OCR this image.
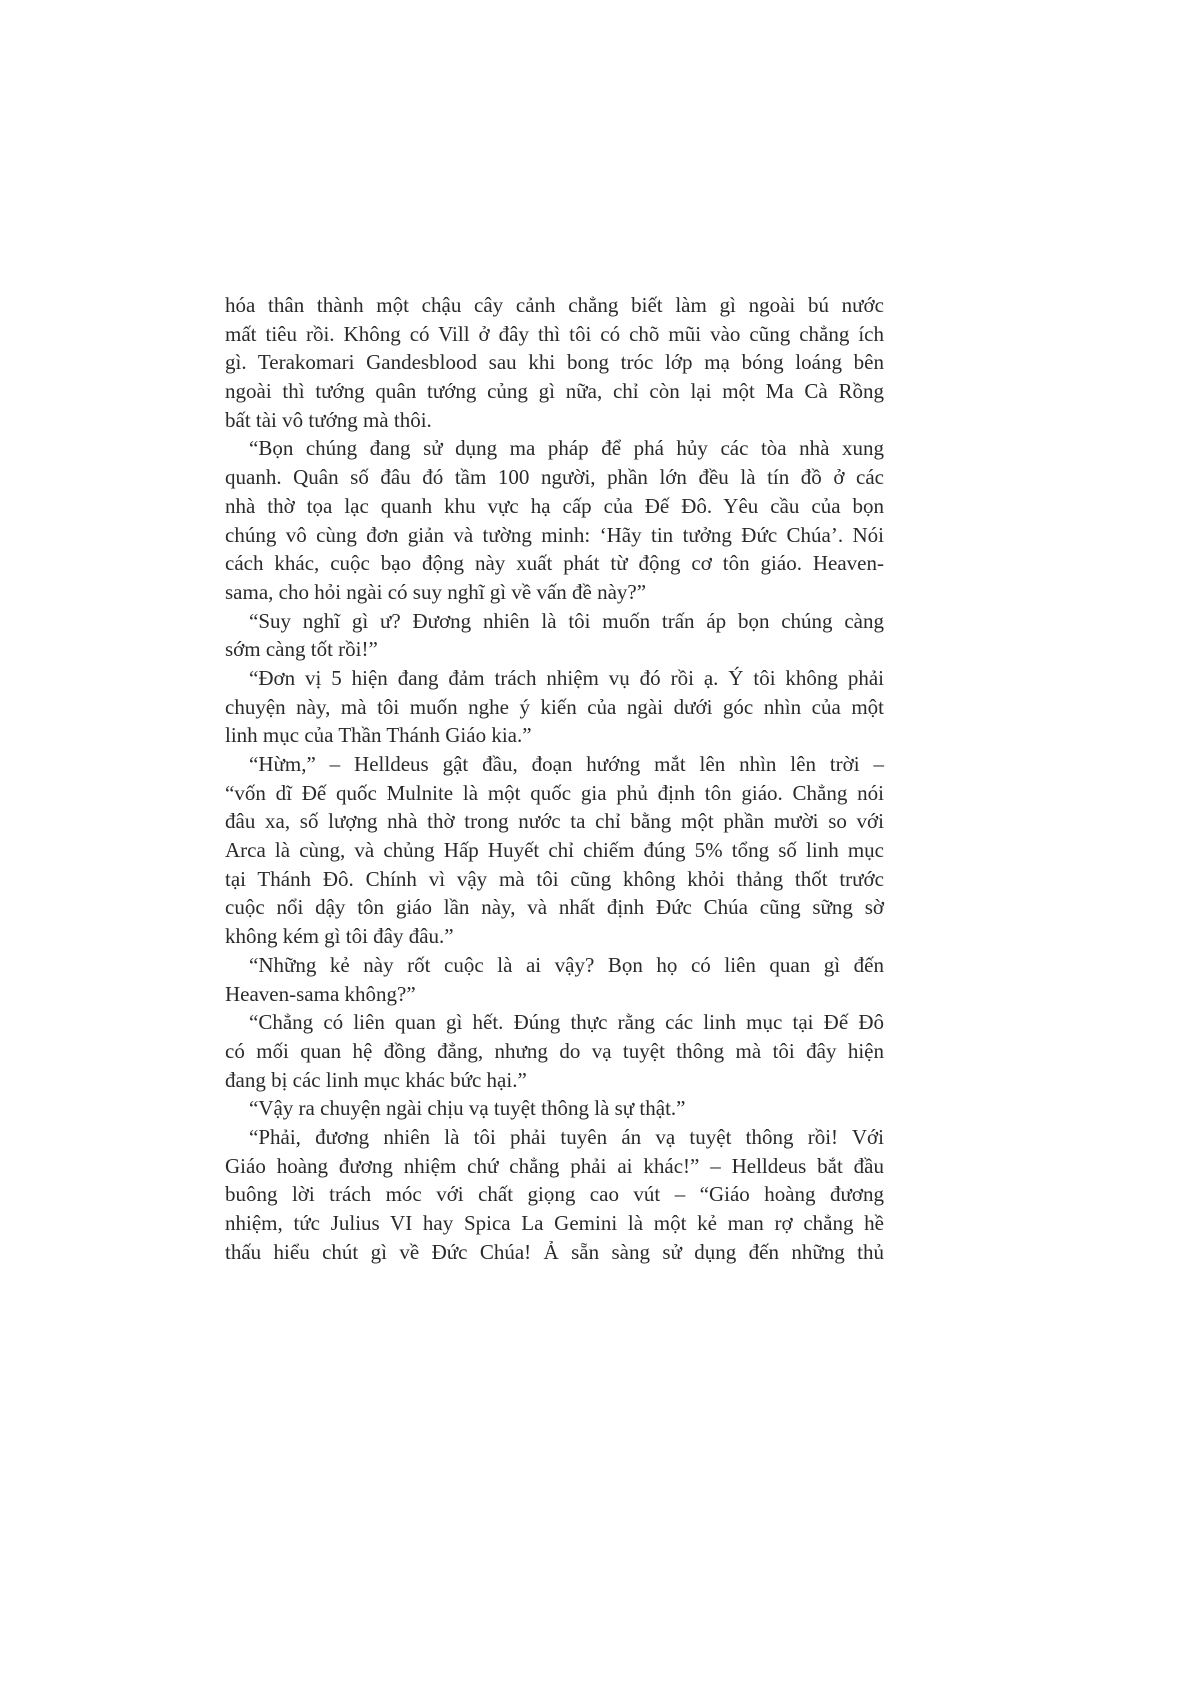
hóa thân thành một chậu cây cảnh chẳng biết làm gì ngoài bú nước
mất tiêu rồi. Không có Vill ở đây thì tôi có chõ mũi vào cũng chẳng ích
gì. Terakomari Gandesblood sau khi bong tróc lớp mạ bóng loáng bên
ngoài thì tướng quân tướng củng gì nữa, chỉ còn lại một Ma Cà Rồng
bất tài vô tướng mà thôi.
“Bọn chúng đang sử dụng ma pháp để phá hủy các tòa nhà xung
quanh. Quân số đâu đó tầm 100 người, phần lớn đều là tín đồ ở các
nhà thờ tọa lạc quanh khu vực hạ cấp của Đế Đô. Yêu cầu của bọn
chúng vô cùng đơn giản và tường minh: ‘Hãy tin tưởng Đức Chúa’. Nói
cách khác, cuộc bạo động này xuất phát từ động cơ tôn giáo. Heaven-
sama, cho hỏi ngài có suy nghĩ gì về vấn đề này?”
“Suy nghĩ gì ư? Đương nhiên là tôi muốn trấn áp bọn chúng càng
sớm càng tốt rồi!”
“Đơn vị 5 hiện đang đảm trách nhiệm vụ đó rồi ạ. Ý tôi không phải
chuyện này, mà tôi muốn nghe ý kiến của ngài dưới góc nhìn của một
linh mục của Thần Thánh Giáo kia.”
“Hừm,” – Helldeus gật đầu, đoạn hướng mắt lên nhìn lên trời –
“vốn dĩ Đế quốc Mulnite là một quốc gia phủ định tôn giáo. Chẳng nói
đâu xa, số lượng nhà thờ trong nước ta chỉ bằng một phần mười so với
Arca là cùng, và chủng Hấp Huyết chỉ chiếm đúng 5% tổng số linh mục
tại Thánh Đô. Chính vì vậy mà tôi cũng không khỏi thảng thốt trước
cuộc nổi dậy tôn giáo lần này, và nhất định Đức Chúa cũng sững sờ
không kém gì tôi đây đâu.”
“Những kẻ này rốt cuộc là ai vậy? Bọn họ có liên quan gì đến
Heaven-sama không?”
“Chẳng có liên quan gì hết. Đúng thực rằng các linh mục tại Đế Đô
có mối quan hệ đồng đẳng, nhưng do vạ tuyệt thông mà tôi đây hiện
đang bị các linh mục khác bức hại.”
“Vậy ra chuyện ngài chịu vạ tuyệt thông là sự thật.”
“Phải, đương nhiên là tôi phải tuyên án vạ tuyệt thông rồi! Với
Giáo hoàng đương nhiệm chứ chẳng phải ai khác!” – Helldeus bắt đầu
buông lời trách móc với chất giọng cao vút – “Giáo hoàng đương
nhiệm, tức Julius VI hay Spica La Gemini là một kẻ man rợ chẳng hề
thấu hiểu chút gì về Đức Chúa! Ả sẵn sàng sử dụng đến những thủ
